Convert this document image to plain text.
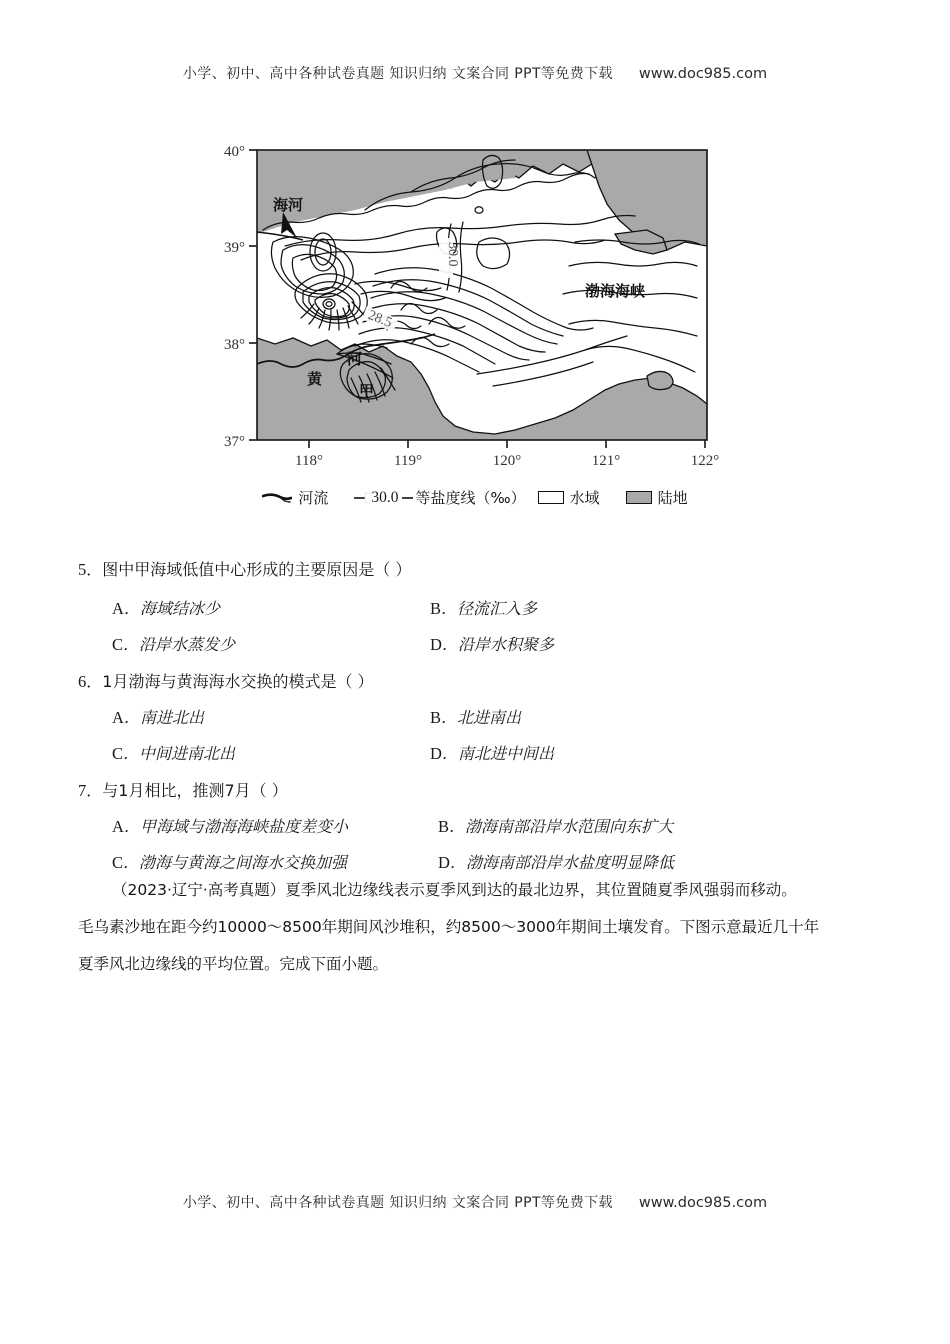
小学、初中、高中各种试卷真题 知识归纳 文案合同 PPT等免费下载 www.doc985.com
40°
39°
38°
37°
118°	119°	120°	121°	122°
海河
黄
河
渤海海峡
甲
28.5
30.0
河流	30.0 等盐度线（‰）	水域	陆地
5．图中甲海域低值中心形成的主要原因是（ ）
A．海域结冰少	B．径流汇入多
C．沿岸水蒸发少	D．沿岸水积聚多
6．1月渤海与黄海海水交换的模式是（ ）
A．南进北出	B．北进南出
C．中间进南北出	D．南北进中间出
7．与1月相比，推测7月（ ）
A．甲海域与渤海海峡盐度差变小	B．渤海南部沿岸水范围向东扩大
C．渤海与黄海之间海水交换加强	D．渤海南部沿岸水盐度明显降低
（2023·辽宁·高考真题）夏季风北边缘线表示夏季风到达的最北边界，其位置随夏季风强弱而移动。
毛乌素沙地在距今约10000～8500年期间风沙堆积，约8500～3000年期间土壤发育。下图示意最近几十年
夏季风北边缘线的平均位置。完成下面小题。
小学、初中、高中各种试卷真题 知识归纳 文案合同 PPT等免费下载 www.doc985.com
